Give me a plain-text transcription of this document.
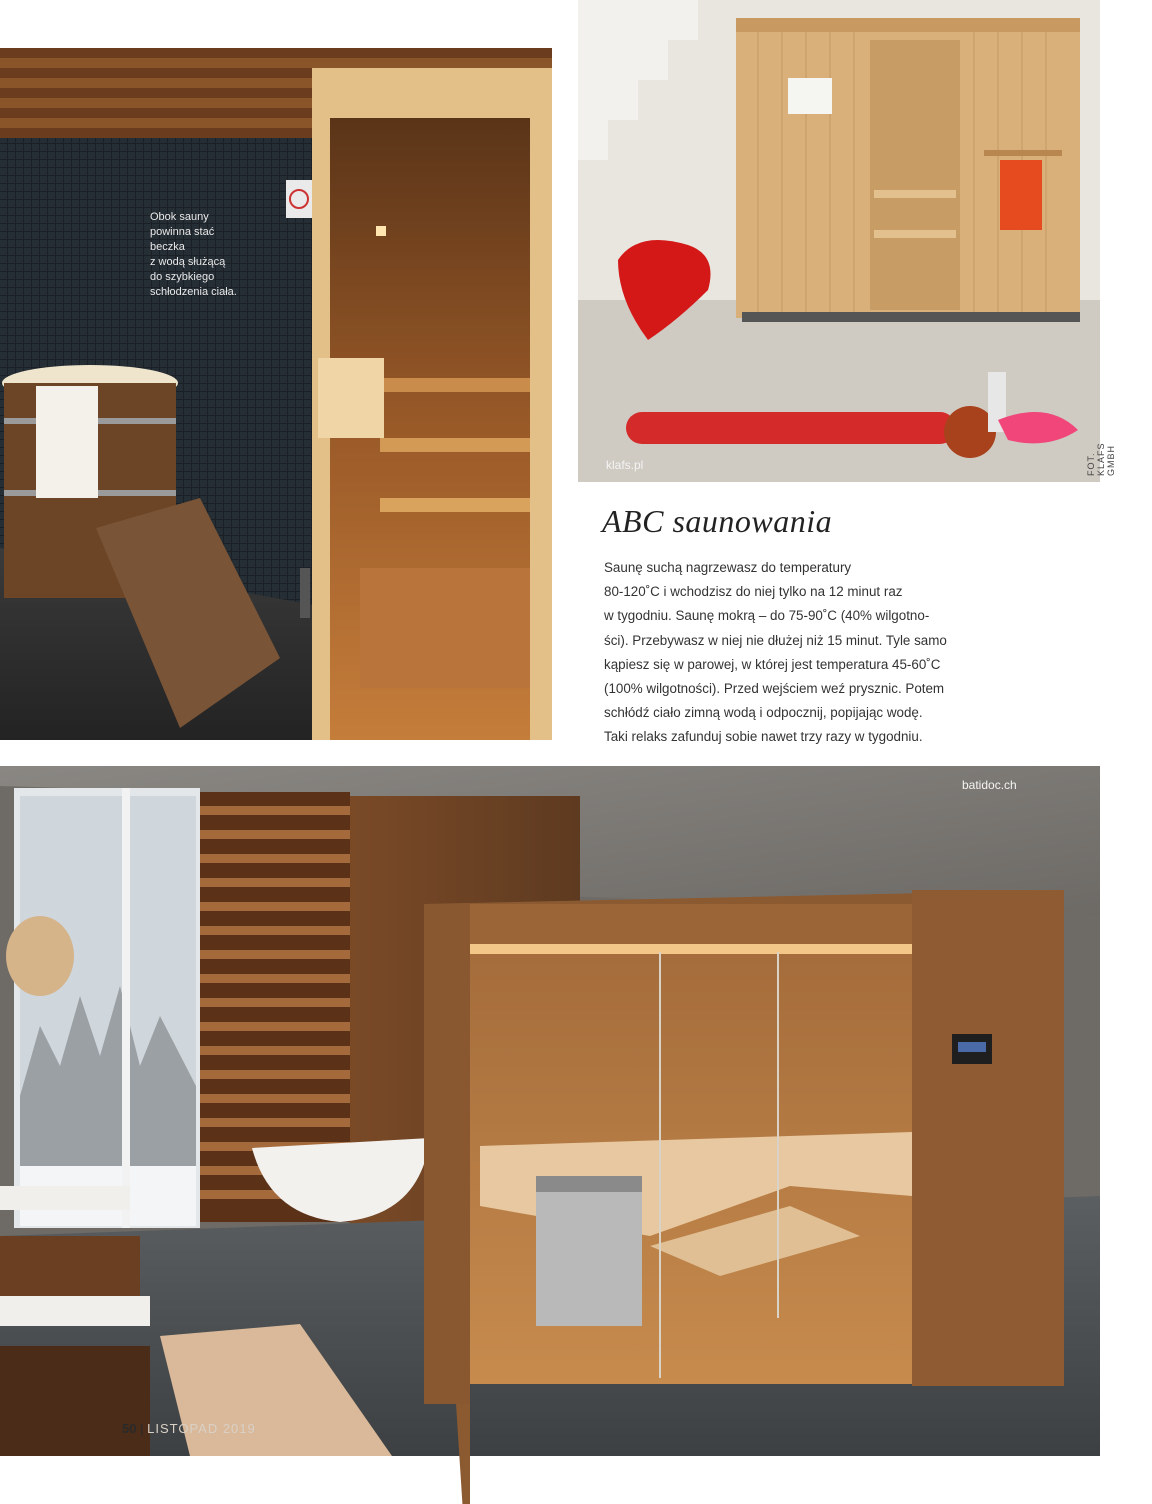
Obok sauny
powinna stać
beczka
z wodą służącą
do szybkiego
schłodzenia ciała.
klafs.pl	FOT. KLAFS GMBH
ABC saunowania
Saunę suchą nagrzewasz do temperatury
80-120˚C i wchodzisz do niej tylko na 12 minut raz
w tygodniu. Saunę mokrą – do 75-90˚C (40% wilgotno-
ści). Przebywasz w niej nie dłużej niż 15 minut. Tyle samo
kąpiesz się w parowej, w której jest temperatura 45-60˚C
(100% wilgotności). Przed wejściem weź prysznic. Potem
schłódź ciało zimną wodą i odpocznij, popijając wodę.
Taki relaks zafunduj sobie nawet trzy razy w tygodniu.
batidoc.ch
50 | LISTOPAD 2019
